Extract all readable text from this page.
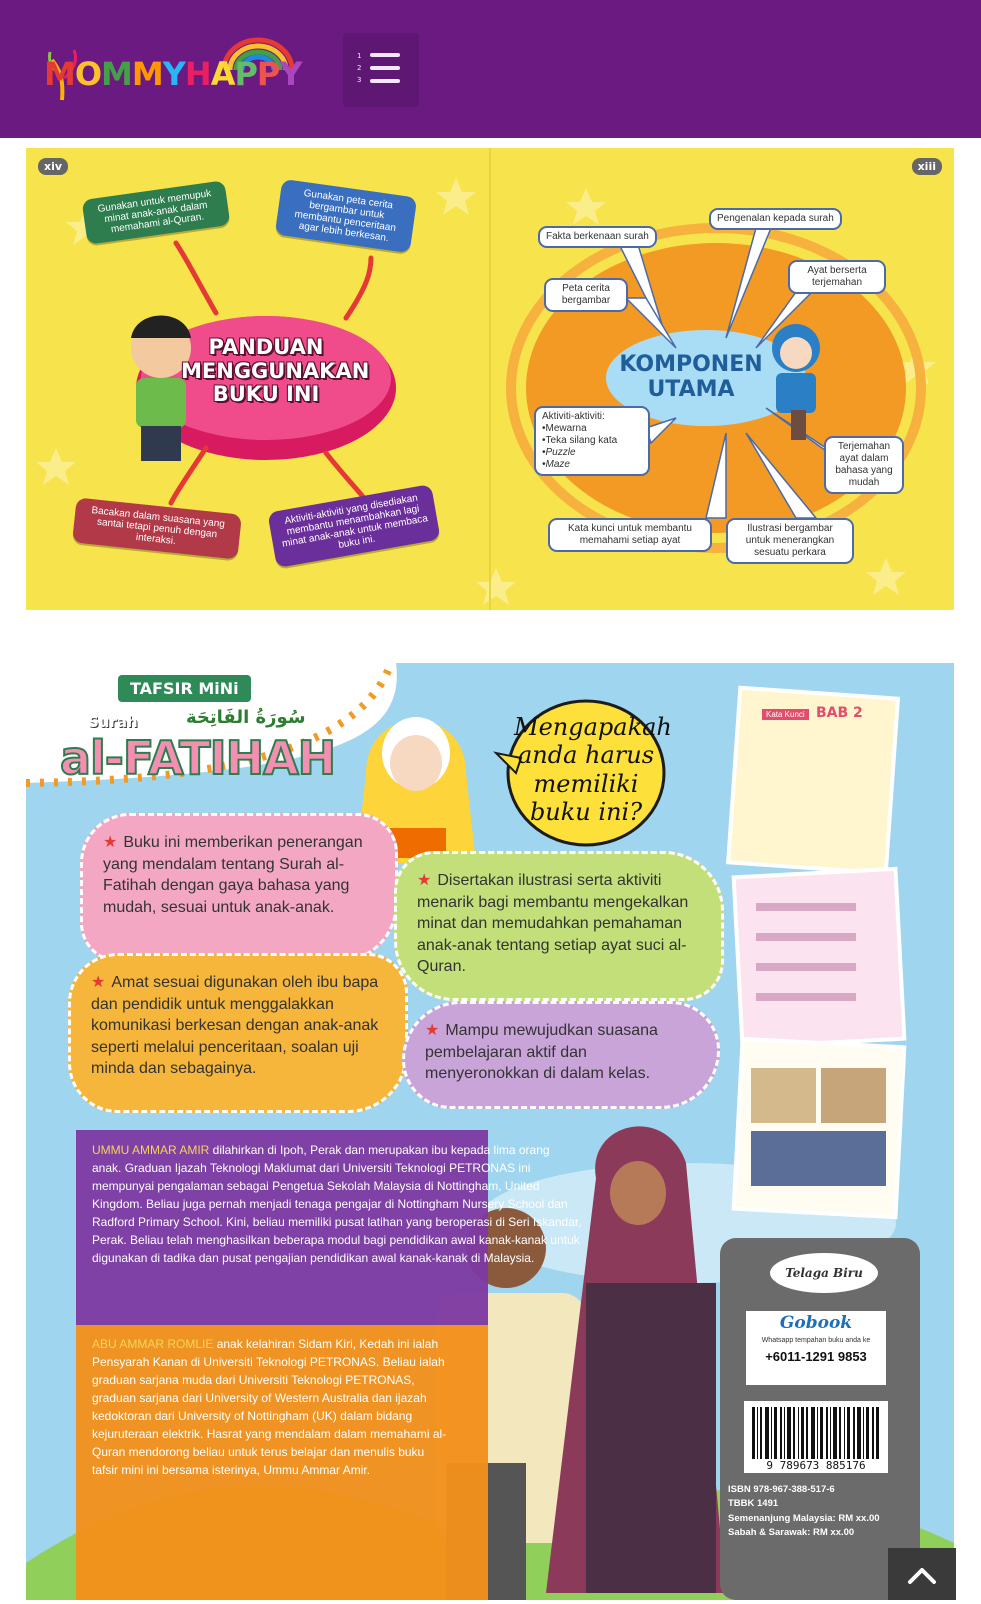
MOMMYHAPPY	1
2
3
xiv	xiii
PANDUAN MENGGUNAKAN BUKU INI
Gunakan untuk memupuk minat anak-anak dalam memahami al-Quran.
Gunakan peta cerita bergambar untuk membantu penceritaan agar lebih berkesan.
Bacakan dalam suasana yang santai tetapi penuh dengan interaksi.
Aktiviti-aktiviti yang disediakan membantu menambahkan lagi minat anak-anak untuk membaca buku ini.
KOMPONEN UTAMA
Fakta berkenaan surah
Pengenalan kepada surah
Peta cerita bergambar
Ayat berserta terjemahan
Aktiviti-aktiviti:
•Mewarna
•Teka silang kata
•Puzzle
•Maze
Terjemahan ayat dalam bahasa yang mudah
Kata kunci untuk membantu memahami setiap ayat
Ilustrasi bergambar untuk menerangkan sesuatu perkara
TAFSIR MiNi
Surah	سُورَةُ الفَاتِحَة
al-FATIHAH
Mengapakah anda harus memiliki buku ini?
★ Buku ini memberikan penerangan yang mendalam tentang Surah al-Fatihah dengan gaya bahasa yang mudah, sesuai untuk anak-anak.
★ Disertakan ilustrasi serta aktiviti menarik bagi membantu mengekalkan minat dan memudahkan pemahaman anak-anak tentang setiap ayat suci al-Quran.
★ Amat sesuai digunakan oleh ibu bapa dan pendidik untuk menggalakkan komunikasi berkesan dengan anak-anak seperti melalui penceritaan, soalan uji minda dan sebagainya.
★ Mampu mewujudkan suasana pembelajaran aktif dan menyeronokkan di dalam kelas.
UMMU AMMAR AMIR dilahirkan di Ipoh, Perak dan merupakan ibu kepada lima orang anak. Graduan Ijazah Teknologi Maklumat dari Universiti Teknologi PETRONAS ini mempunyai pengalaman sebagai Pengetua Sekolah Malaysia di Nottingham, United Kingdom. Beliau juga pernah menjadi tenaga pengajar di Nottingham Nursery School dan Radford Primary School. Kini, beliau memiliki pusat latihan yang beroperasi di Seri Iskandar, Perak. Beliau telah menghasilkan beberapa modul bagi pendidikan awal kanak-kanak untuk digunakan di tadika dan pusat pengajian pendidikan awal kanak-kanak di Malaysia.
ABU AMMAR ROMLIE anak kelahiran Sidam Kiri, Kedah ini ialah Pensyarah Kanan di Universiti Teknologi PETRONAS. Beliau ialah graduan sarjana muda dari Universiti Teknologi PETRONAS, graduan sarjana dari University of Western Australia dan ijazah kedoktoran dari University of Nottingham (UK) dalam bidang kejuruteraan elektrik. Hasrat yang mendalam dalam memahami al-Quran mendorong beliau untuk terus belajar dan menulis buku tafsir mini ini bersama isterinya, Ummu Ammar Amir.
Telaga Biru
Gobook
Whatsapp tempahan buku anda ke
+6011-1291 9853
9 789673 885176
ISBN 978-967-388-517-6
TBBK 1491
Semenanjung Malaysia: RM xx.00
Sabah & Sarawak: RM xx.00
Kata Kunci BAB 2
